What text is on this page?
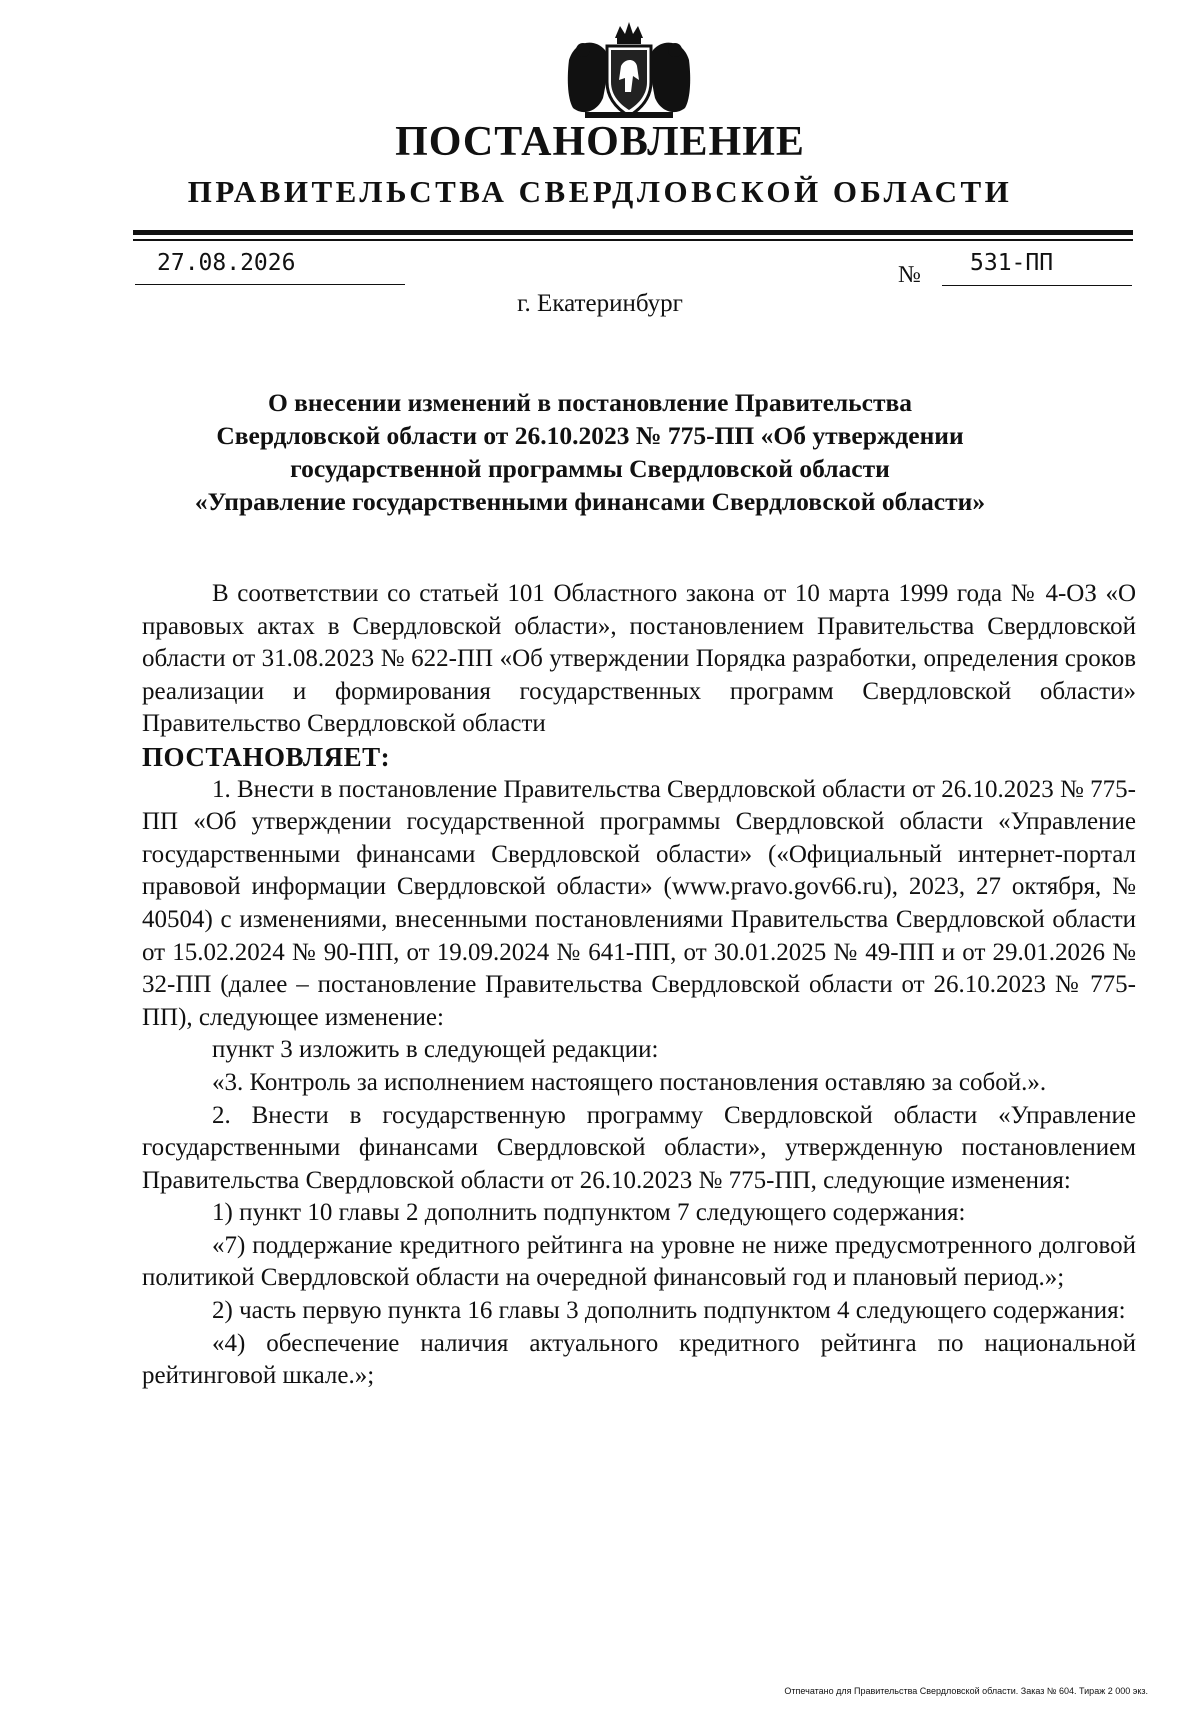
ПОСТАНОВЛЕНИЕ
ПРАВИТЕЛЬСТВА СВЕРДЛОВСКОЙ ОБЛАСТИ
27.08.2026	№ 531-ПП
г. Екатеринбург
О внесении изменений в постановление Правительства
Свердловской области от 26.10.2023 № 775-ПП «Об утверждении
государственной программы Свердловской области
«Управление государственными финансами Свердловской области»
В соответствии со статьей 101 Областного закона от 10 марта 1999 года № 4-ОЗ «О правовых актах в Свердловской области», постановлением Правительства Свердловской области от 31.08.2023 № 622-ПП «Об утверждении Порядка разработки, определения сроков реализации и формирования государственных программ Свердловской области» Правительство Свердловской области
ПОСТАНОВЛЯЕТ:
1. Внести в постановление Правительства Свердловской области от 26.10.2023 № 775-ПП «Об утверждении государственной программы Свердловской области «Управление государственными финансами Свердловской области» («Официальный интернет-портал правовой информации Свердловской области» (www.pravo.gov66.ru), 2023, 27 октября, № 40504) с изменениями, внесенными постановлениями Правительства Свердловской области от 15.02.2024 № 90-ПП, от 19.09.2024 № 641-ПП, от 30.01.2025 № 49-ПП и от 29.01.2026 № 32-ПП (далее – постановление Правительства Свердловской области от 26.10.2023 № 775-ПП), следующее изменение:
пункт 3 изложить в следующей редакции:
«3. Контроль за исполнением настоящего постановления оставляю за собой.».
2. Внести в государственную программу Свердловской области «Управление государственными финансами Свердловской области», утвержденную постановлением Правительства Свердловской области от 26.10.2023 № 775-ПП, следующие изменения:
1) пункт 10 главы 2 дополнить подпунктом 7 следующего содержания:
«7) поддержание кредитного рейтинга на уровне не ниже предусмотренного долговой политикой Свердловской области на очередной финансовый год и плановый период.»;
2) часть первую пункта 16 главы 3 дополнить подпунктом 4 следующего содержания:
«4) обеспечение наличия актуального кредитного рейтинга по национальной рейтинговой шкале.»;
Отпечатано для Правительства Свердловской области. Заказ № 604. Тираж 2 000 экз.
